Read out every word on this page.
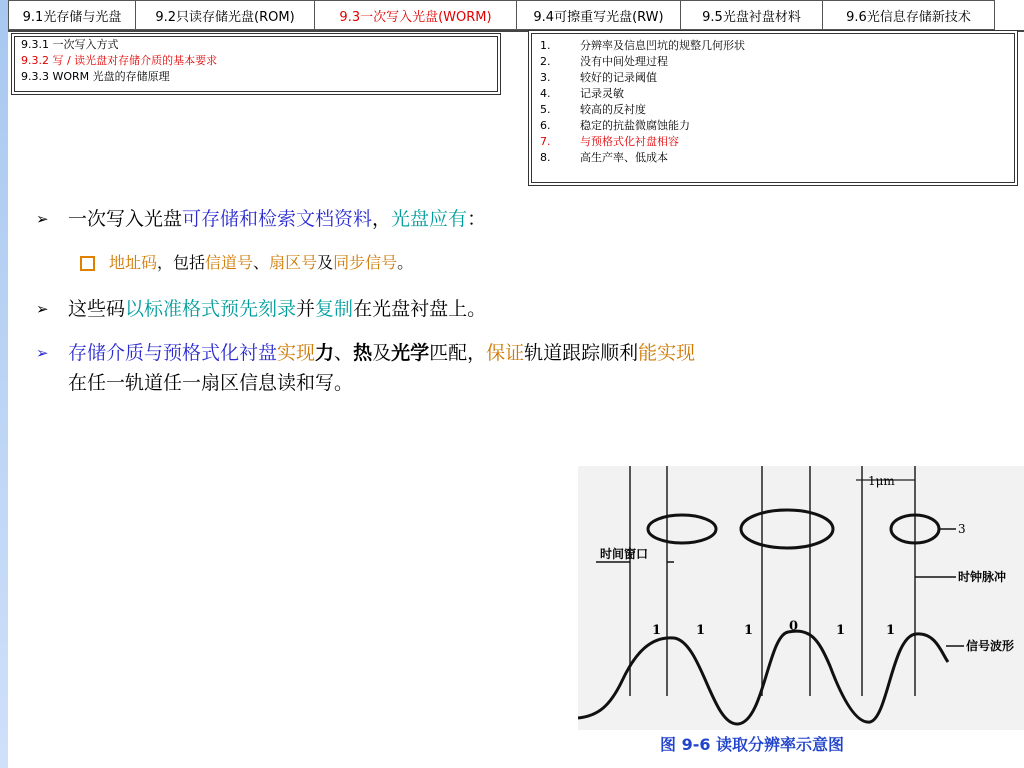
9.1光存储与光盘	9.2只读存储光盘(ROM)	9.3一次写入光盘(WORM)	9.4可擦重写光盘(RW)	9.5光盘衬盘材料	9.6光信息存储新技术
9.3.1 一次写入方式
9.3.2 写 / 读光盘对存储介质的基本要求
9.3.3 WORM 光盘的存储原理
1.	分辨率及信息凹坑的规整几何形状
2.	没有中间处理过程
3.	较好的记录阈值
4.	记录灵敏
5.	较高的反衬度
6.	稳定的抗盐微腐蚀能力
7.	与预格式化衬盘相容
8.	高生产率、低成本
➢	一次写入光盘可存储和检索文档资料，光盘应有：
地址码 ，包括 信道号 、 扇区号 及 同步信号 。
➢	这些码以标准格式预先刻录并复制在光盘衬盘上。
➢	存储介质与预格式化衬盘实现力、热及光学匹配，保证轨道跟踪顺利能实现
在任一轨道任一扇区信息读和写。
1μm
3
时间窗口
时钟脉冲
1	1	1	0	1	1
信号波形
图 9-6 读取分辨率示意图
